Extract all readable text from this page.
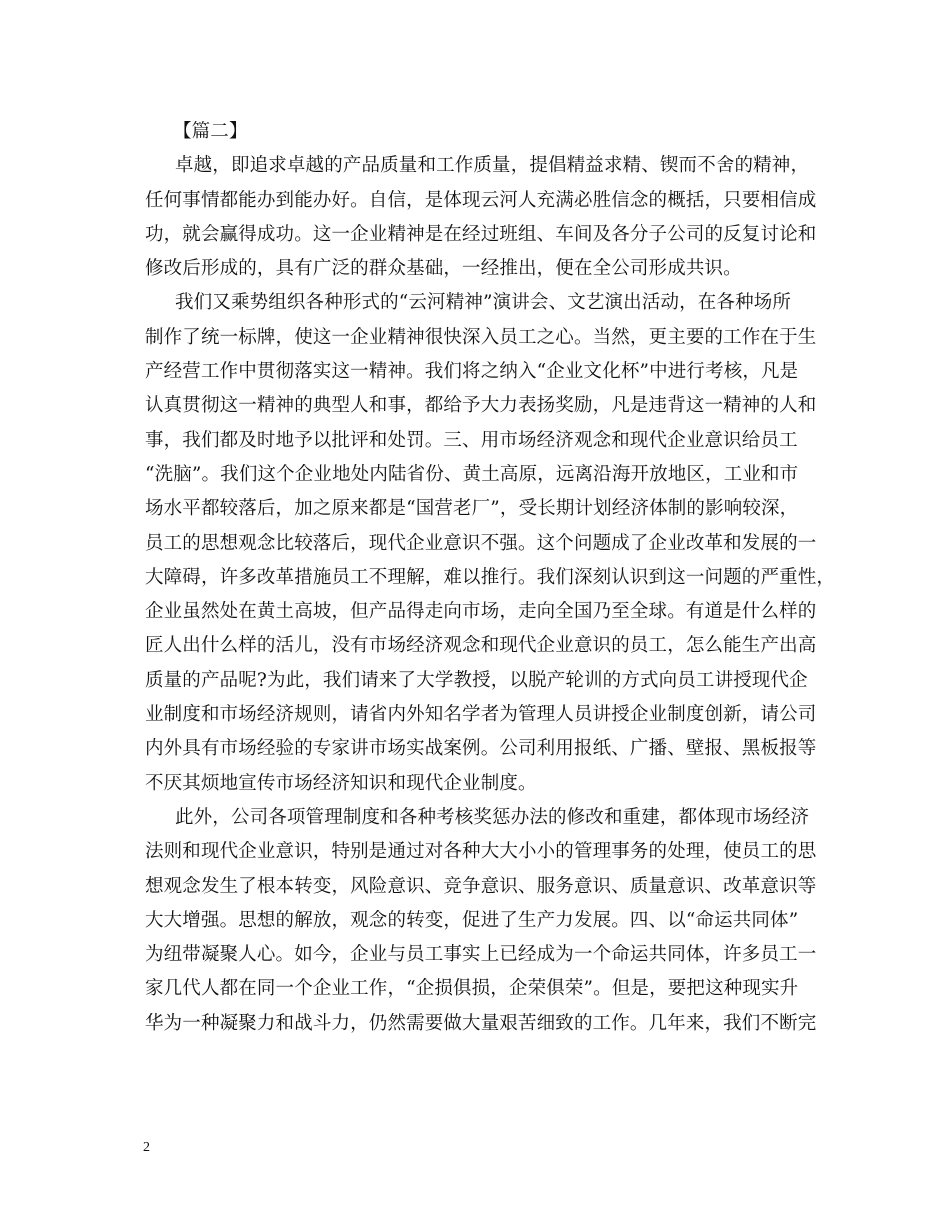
【篇二】
卓越，即追求卓越的产品质量和工作质量，提倡精益求精、锲而不舍的精神，
任何事情都能办到能办好。自信，是体现云河人充满必胜信念的概括，只要相信成
功，就会赢得成功。这一企业精神是在经过班组、车间及各分子公司的反复讨论和
修改后形成的，具有广泛的群众基础，一经推出，便在全公司形成共识。
我们又乘势组织各种形式的“云河精神”演讲会、文艺演出活动，在各种场所
制作了统一标牌，使这一企业精神很快深入员工之心。当然，更主要的工作在于生
产经营工作中贯彻落实这一精神。我们将之纳入“企业文化杯”中进行考核，凡是
认真贯彻这一精神的典型人和事，都给予大力表扬奖励，凡是违背这一精神的人和
事，我们都及时地予以批评和处罚。三、用市场经济观念和现代企业意识给员工
“洗脑”。我们这个企业地处内陆省份、黄土高原，远离沿海开放地区，工业和市
场水平都较落后，加之原来都是“国营老厂”，受长期计划经济体制的影响较深，
员工的思想观念比较落后，现代企业意识不强。这个问题成了企业改革和发展的一
大障碍，许多改革措施员工不理解，难以推行。我们深刻认识到这一问题的严重性，
企业虽然处在黄土高坡，但产品得走向市场，走向全国乃至全球。有道是什么样的
匠人出什么样的活儿，没有市场经济观念和现代企业意识的员工，怎么能生产出高
质量的产品呢?为此，我们请来了大学教授，以脱产轮训的方式向员工讲授现代企
业制度和市场经济规则，请省内外知名学者为管理人员讲授企业制度创新，请公司
内外具有市场经验的专家讲市场实战案例。公司利用报纸、广播、壁报、黑板报等
不厌其烦地宣传市场经济知识和现代企业制度。
此外，公司各项管理制度和各种考核奖惩办法的修改和重建，都体现市场经济
法则和现代企业意识，特别是通过对各种大大小小的管理事务的处理，使员工的思
想观念发生了根本转变，风险意识、竞争意识、服务意识、质量意识、改革意识等
大大增强。思想的解放，观念的转变，促进了生产力发展。四、以“命运共同体”
为纽带凝聚人心。如今，企业与员工事实上已经成为一个命运共同体，许多员工一
家几代人都在同一个企业工作，“企损俱损，企荣俱荣”。但是，要把这种现实升
华为一种凝聚力和战斗力，仍然需要做大量艰苦细致的工作。几年来，我们不断完
2
